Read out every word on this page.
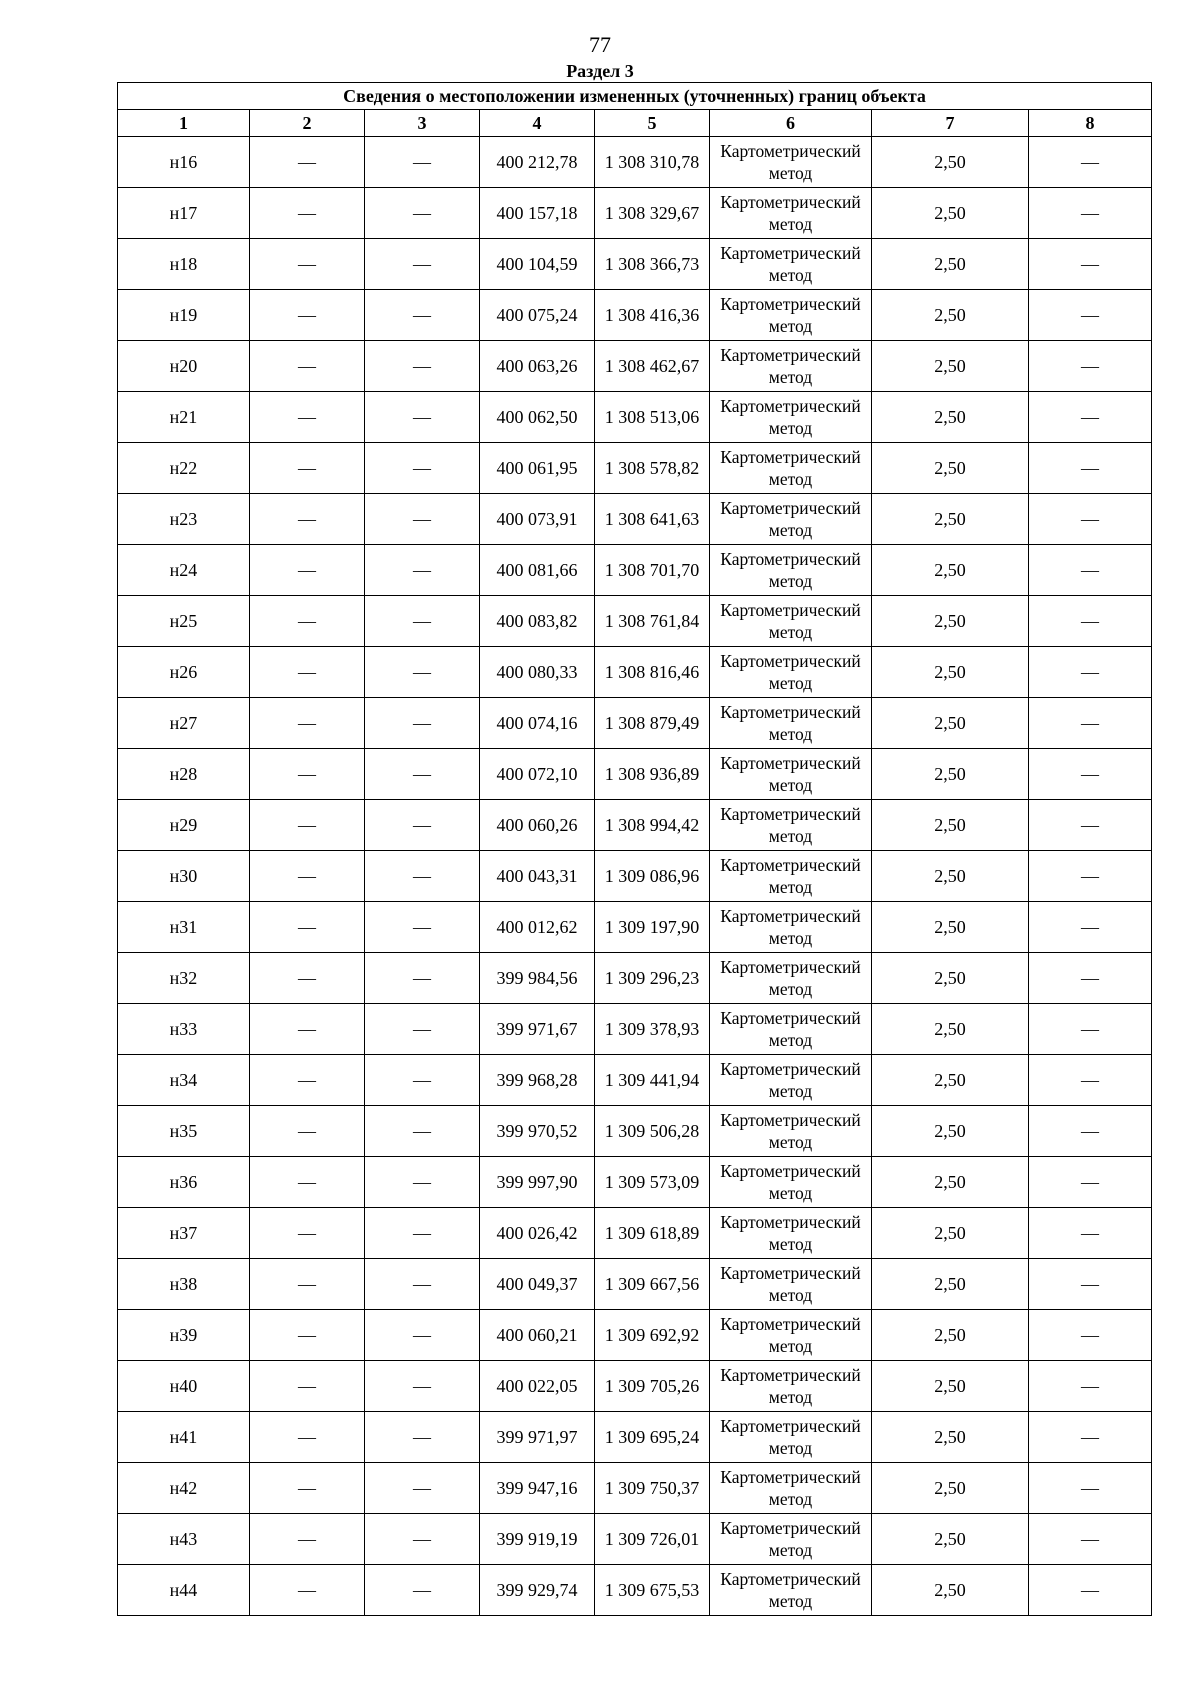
77
Раздел 3
Сведения о местоположении измененных (уточненных) границ объекта							
1	2	3	4	5	6	7	8
н16	—	—	400 212,78	1 308 310,78	Картометрический метод	2,50	—
н17	—	—	400 157,18	1 308 329,67	Картометрический метод	2,50	—
н18	—	—	400 104,59	1 308 366,73	Картометрический метод	2,50	—
н19	—	—	400 075,24	1 308 416,36	Картометрический метод	2,50	—
н20	—	—	400 063,26	1 308 462,67	Картометрический метод	2,50	—
н21	—	—	400 062,50	1 308 513,06	Картометрический метод	2,50	—
н22	—	—	400 061,95	1 308 578,82	Картометрический метод	2,50	—
н23	—	—	400 073,91	1 308 641,63	Картометрический метод	2,50	—
н24	—	—	400 081,66	1 308 701,70	Картометрический метод	2,50	—
н25	—	—	400 083,82	1 308 761,84	Картометрический метод	2,50	—
н26	—	—	400 080,33	1 308 816,46	Картометрический метод	2,50	—
н27	—	—	400 074,16	1 308 879,49	Картометрический метод	2,50	—
н28	—	—	400 072,10	1 308 936,89	Картометрический метод	2,50	—
н29	—	—	400 060,26	1 308 994,42	Картометрический метод	2,50	—
н30	—	—	400 043,31	1 309 086,96	Картометрический метод	2,50	—
н31	—	—	400 012,62	1 309 197,90	Картометрический метод	2,50	—
н32	—	—	399 984,56	1 309 296,23	Картометрический метод	2,50	—
н33	—	—	399 971,67	1 309 378,93	Картометрический метод	2,50	—
н34	—	—	399 968,28	1 309 441,94	Картометрический метод	2,50	—
н35	—	—	399 970,52	1 309 506,28	Картометрический метод	2,50	—
н36	—	—	399 997,90	1 309 573,09	Картометрический метод	2,50	—
н37	—	—	400 026,42	1 309 618,89	Картометрический метод	2,50	—
н38	—	—	400 049,37	1 309 667,56	Картометрический метод	2,50	—
н39	—	—	400 060,21	1 309 692,92	Картометрический метод	2,50	—
н40	—	—	400 022,05	1 309 705,26	Картометрический метод	2,50	—
н41	—	—	399 971,97	1 309 695,24	Картометрический метод	2,50	—
н42	—	—	399 947,16	1 309 750,37	Картометрический метод	2,50	—
н43	—	—	399 919,19	1 309 726,01	Картометрический метод	2,50	—
н44	—	—	399 929,74	1 309 675,53	Картометрический метод	2,50	—
